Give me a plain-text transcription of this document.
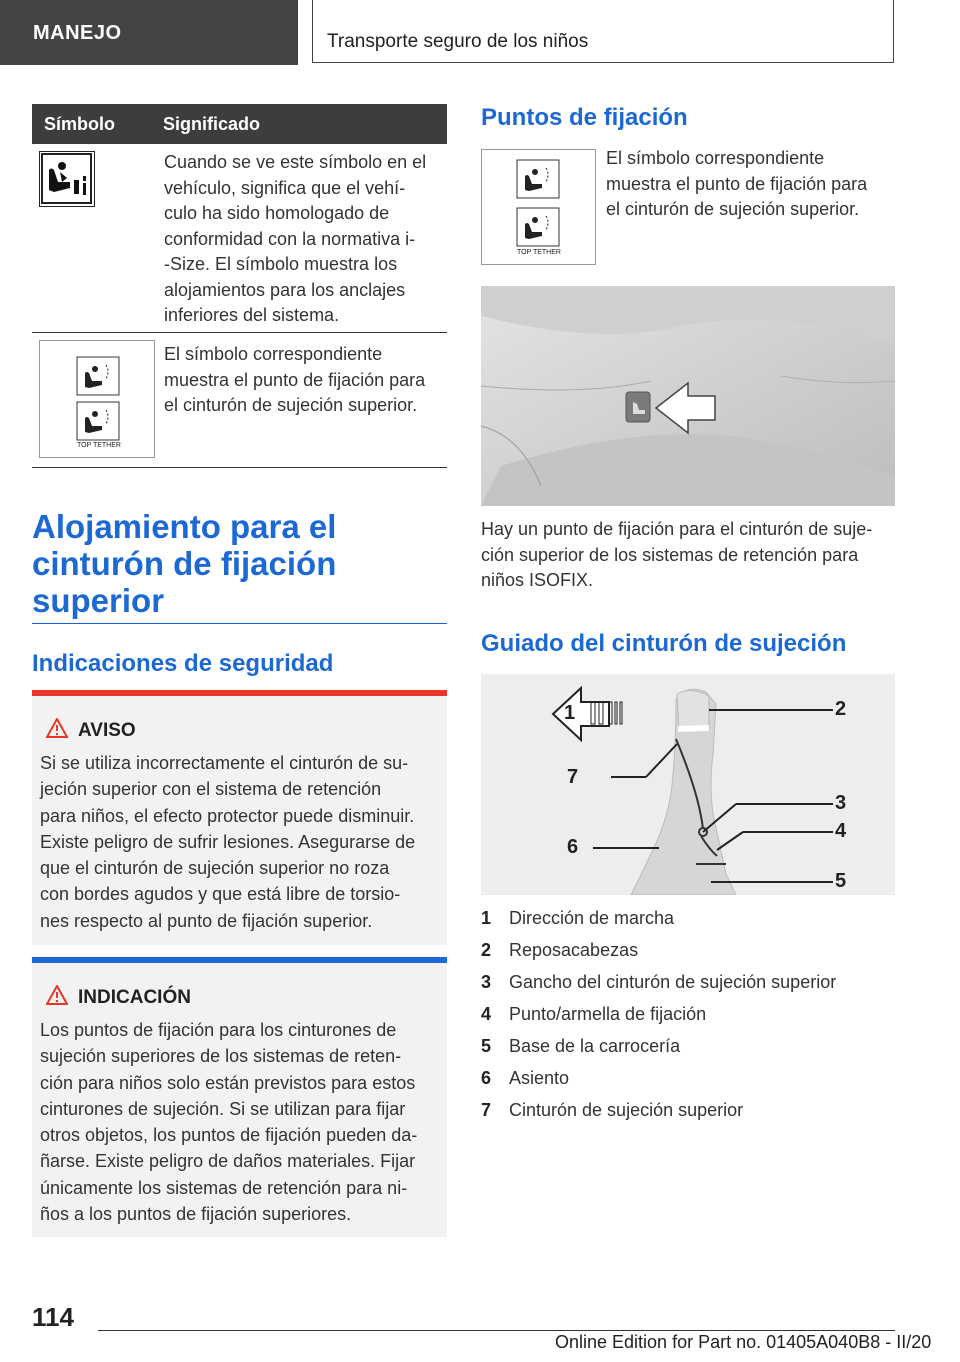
MANEJO	Transporte seguro de los niños
Símbolo	Significado
Cuando se ve este símbolo en el
vehículo, significa que el vehí-
culo ha sido homologado de
conformidad con la normativa i-
-Size. El símbolo muestra los
alojamientos para los anclajes
inferiores del sistema.
TOP TETHER
El símbolo correspondiente
muestra el punto de fijación para
el cinturón de sujeción superior.
Alojamiento para el
cinturón de fijación
superior
Indicaciones de seguridad
AVISO
Si se utiliza incorrectamente el cinturón de su-
jeción superior con el sistema de retención
para niños, el efecto protector puede disminuir.
Existe peligro de sufrir lesiones. Asegurarse de
que el cinturón de sujeción superior no roza
con bordes agudos y que está libre de torsio-
nes respecto al punto de fijación superior.
INDICACIÓN
Los puntos de fijación para los cinturones de
sujeción superiores de los sistemas de reten-
ción para niños solo están previstos para estos
cinturones de sujeción. Si se utilizan para fijar
otros objetos, los puntos de fijación pueden da-
ñarse. Existe peligro de daños materiales. Fijar
únicamente los sistemas de retención para ni-
ños a los puntos de fijación superiores.
Puntos de fijación
TOP TETHER
El símbolo correspondiente
muestra el punto de fijación para
el cinturón de sujeción superior.
Hay un punto de fijación para el cinturón de suje-
ción superior de los sistemas de retención para
niños ISOFIX.
Guiado del cinturón de sujeción
1	2
3
4
5
6
7
1 Dirección de marcha
2 Reposacabezas
3 Gancho del cinturón de sujeción superior
4 Punto/armella de fijación
5 Base de la carrocería
6 Asiento
7 Cinturón de sujeción superior
114
Online Edition for Part no. 01405A040B8 - II/20
